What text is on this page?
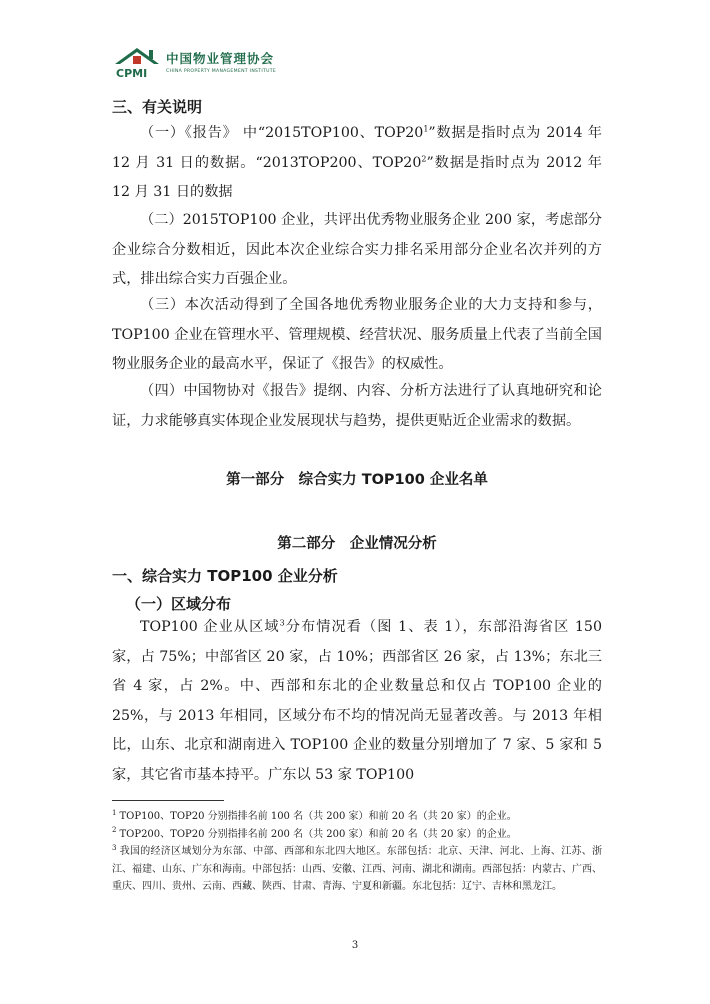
CPMI
中国物业管理协会
CHINA PROPERTY MANAGEMENT INSTITUTE
三、有关说明
（一）《报告》 中“2015TOP100、$TOP20^1$”数据是指时点为 2014 年 12 月 31 日的数据。“2013TOP200、$TOP20^2$”数据是指时点为 2012 年 12 月 31 日的数据
（二）2015TOP100 企业，共评出优秀物业服务企业 200 家，考虑部分企业综合分数相近，因此本次企业综合实力排名采用部分企业名次并列的方式，排出综合实力百强企业。
（三）本次活动得到了全国各地优秀物业服务企业的大力支持和参与，TOP100 企业在管理水平、管理规模、经营状况、服务质量上代表了当前全国物业服务企业的最高水平，保证了《报告》的权威性。
（四）中国物协对《报告》提纲、内容、分析方法进行了认真地研究和论证，力求能够真实体现企业发展现状与趋势，提供更贴近企业需求的数据。
第一部分　综合实力 TOP100 企业名单
第二部分　企业情况分析
一、综合实力 TOP100 企业分析
（一）区域分布
TOP100 企业从区域$^3$分布情况看（图 1、表 1），东部沿海省区 150 家，占 75%；中部省区 20 家，占 10%；西部省区 26 家，占 13%；东北三省 4 家，占 2%。中、西部和东北的企业数量总和仅占 TOP100 企业的 25%，与 2013 年相同，区域分布不均的情况尚无显著改善。与 2013 年相比，山东、北京和湖南进入 TOP100 企业的数量分别增加了 7 家、5 家和 5 家，其它省市基本持平。广东以 53 家 TOP100

$^1$ TOP100、TOP20 分别指排名前 100 名（共 200 家）和前 20 名（共 20 家）的企业。

$^2$ TOP200、TOP20 分别指排名前 200 名（共 200 家）和前 20 名（共 20 家）的企业。

$^3$ 我国的经济区域划分为东部、中部、西部和东北四大地区。东部包括：北京、天津、河北、上海、江苏、浙江、福建、山东、广东和海南。中部包括：山西、安徽、江西、河南、湖北和湖南。西部包括：内蒙古、广西、重庆、四川、贵州、云南、西藏、陕西、甘肃、青海、宁夏和新疆。东北包括：辽宁、吉林和黑龙江。

3
